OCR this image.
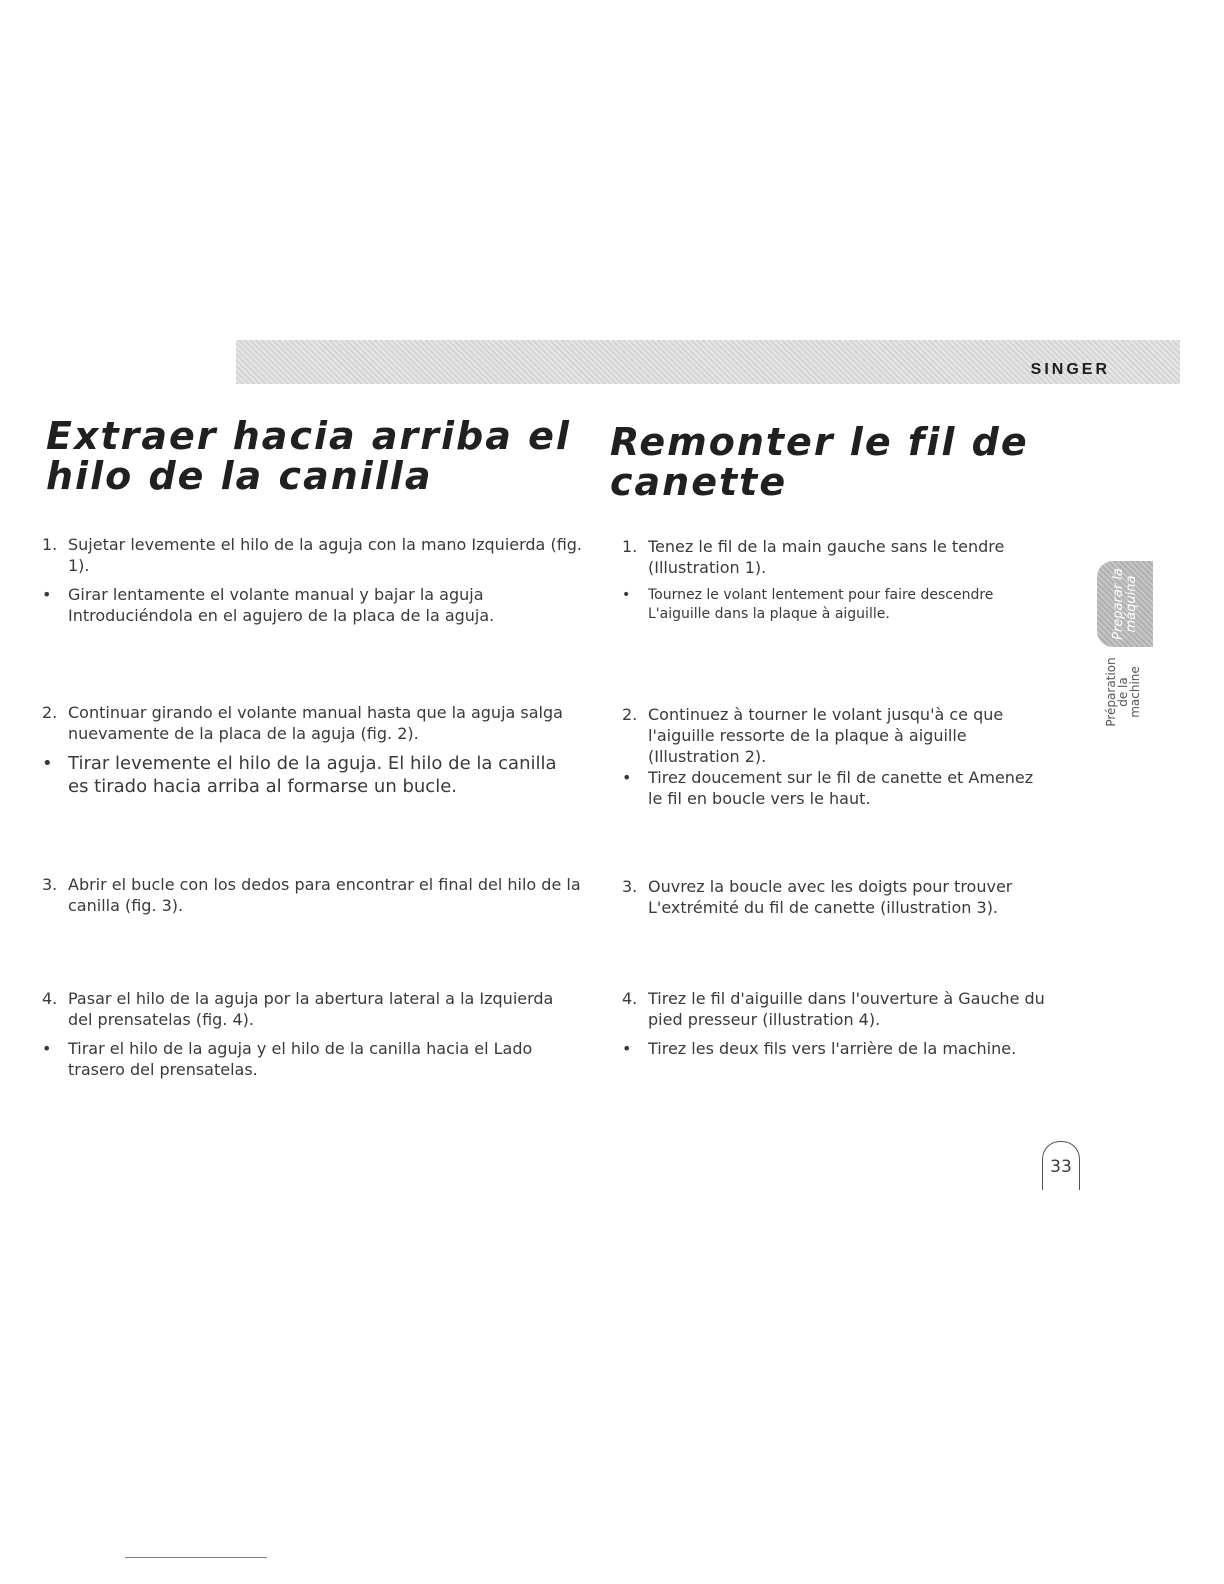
SINGER
Extraer hacia arriba el
hilo de la canilla
Remonter le fil de
canette

1. Sujetar levemente el hilo de la aguja con la mano Izquierda (fig. 1).

• Girar lentamente el volante manual y bajar la aguja Introduciéndola en el agujero de la placa de la aguja.

2. Continuar girando el volante manual hasta que la aguja salga nuevamente de la placa de la aguja (fig. 2).

• Tirar levemente el hilo de la aguja. El hilo de la canilla es tirado hacia arriba al formarse un bucle.

3. Abrir el bucle con los dedos para encontrar el final del hilo de la canilla (fig. 3).

4. Pasar el hilo de la aguja por la abertura lateral a la Izquierda del prensatelas (fig. 4).

• Tirar el hilo de la aguja y el hilo de la canilla hacia el Lado trasero del prensatelas.

1. Tenez le fil de la main gauche sans le tendre (Illustration 1).

• Tournez le volant lentement pour faire descendre L'aiguille dans la plaque à aiguille.

2. Continuez à tourner le volant jusqu'à ce que l'aiguille ressorte de la plaque à aiguille (Illustration 2).

• Tirez doucement sur le fil de canette et Amenez le fil en boucle vers le haut.

3. Ouvrez la boucle avec les doigts pour trouver L'extrémité du fil de canette (illustration 3).

4. Tirez le fil d'aiguille dans l'ouverture à Gauche du pied presseur (illustration 4).

• Tirez les deux fils vers l'arrière de la machine.

Preparar la
máquina
Préparation
de la
machine
33
